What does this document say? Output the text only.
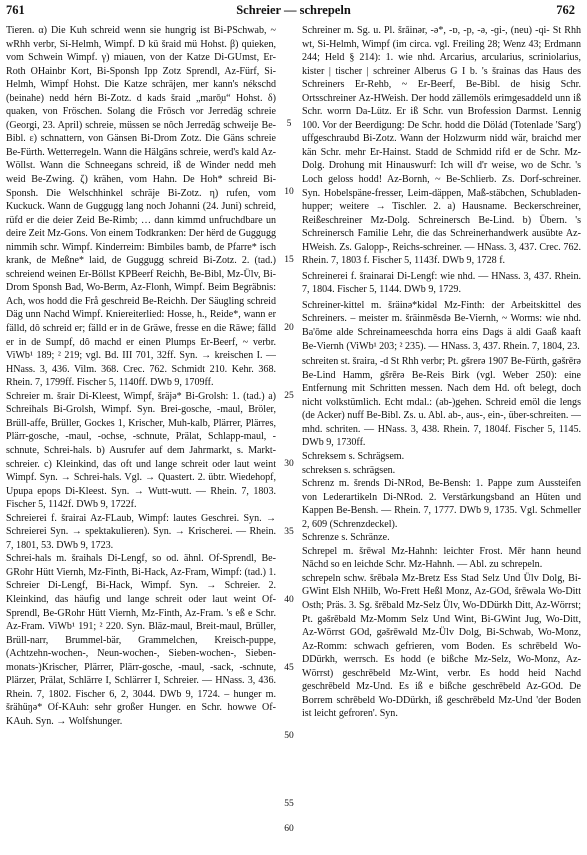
761	Schreier — schrepeln	762

Tieren. α) Die Kuh schreid wenn sie hungrig ist Bi-PSchwab, ~ wRhh verbr, Si-Helmh, Wimpf. D kü šraid mü Hohst. β) quieken, vom Schwein Wimpf. γ) miauen, von der Katze Di-GUmst, Er-Roth OHainbr Kort, Bi-Sponsh Ipp Zotz Sprendl, Az-Fürf, Si-Helmh, Wimpf Hohst. Die Katze schräjen, mer kann's nékschd (beinahe) nedd hérn Bi-Zotz. d kads šraid „marō̦u“ Hohst. δ) quaken, von Fröschen. Solang die Frösch vor Jerredäg schreie (Georgi, 23. April) schreie, müssen se nôch Jerredäg schweije Be-Bibl. ε) schnattern, von Gänsen Bi-Drom Zotz. Die Gäns schreie Be-Fürth. Wetterregeln. Wann die Hälgäns schreie, werd's kald Az-Wöllst. Wann die Schneegans schreid, iß de Winder nedd meh weid Be-Zwing. ζ) krähen, vom Hahn. De Hoh* schreid Bi-Sponsh. Die Welschhinkel schräje Bi-Zotz. η) rufen, vom Kuckuck. Wann de Guggugg lang noch Johanni (24. Juni) schreid, rüfd er die deier Zeid Be-Rimb; … dann kimmd unfruchdbare un deire Zeit Mz-Gons. Von einem Todkranken: Der hërd de Guggugg nimmih schr. Wimpf. Kinderreim: Bimbiles bamb, de Pfarre* isch krank, de Meßne* laid, de Guggugg schreid Bi-Zotz. 2. (tad.) schreiend weinen Er-Böllst KPBeerf Reichh, Be-Bibl, Mz-Ülv, Bi-Drom Sponsh Bad, Wo-Berm, Az-Flonh, Wimpf. Beim Begräbnis: Ach, wos hodd die Frå geschreid Be-Reichh. Der Säugling schreid Däg unn Nachd Wimpf. Kniereiterlied: Hosse, h., Reide*, wann er fälld, dô schreid er; fälld er in de Gräwe, fresse en die Räwe; fälld er in de Sumpf, dô machd er einen Plumps Er-Beerf, ~ verbr. ViWb¹ 189; ² 219; vgl. Bd. III 701, 32ff. Syn. → kreischen I. — HNass. 3, 436. Vilm. 368. Crec. 762. Schmidt 210. Kehr. 368. Rhein. 7, 1799ff. Fischer 5, 1140ff. DWb 9, 1709ff.

Schreier m. šrair Di-Kleest, Wimpf, šräjə* Bi-Grolsh: 1. (tad.) a) Schreihals Bi-Grolsh, Wimpf. Syn. Brei-gosche, -maul, Bröler, Brüll-affe, Brüller, Gockes 1, Krischer, Muh-kalb, Plärrer, Plärres, Plärr-gosche, -maul, -ochse, -schnute, Prälat, Schlapp-maul, -schnute, Schrei-hals. b) Ausrufer auf dem Jahrmarkt, s. Markt-schreier. c) Kleinkind, das oft und lange schreit oder laut weint Wimpf. Syn. → Schrei-hals. Vgl. → Quastert. 2. übtr. Wiedehopf, Upupa epops Di-Kleest. Syn. → Wutt-wutt. — Rhein. 7, 1803. Fischer 5, 1142f. DWb 9, 1722f.

Schreierei f. šrairai Az-FLaub, Wimpf: lautes Geschrei. Syn. → Schreierei Syn. → spektakulieren). Syn. → Krischerei. — Rhein. 7, 1801, 53. DWb 9, 1723.

Schrei-hals m. šraihals Di-Lengf, so od. ähnl. Of-Sprendl, Be-GRohr Hütt Viernh, Mz-Finth, Bi-Hack, Az-Fram, Wimpf: (tad.) 1. Schreier Di-Lengf, Bi-Hack, Wimpf. Syn. → Schreier. 2. Kleinkind, das häufig und lange schreit oder laut weint Of-Sprendl, Be-GRohr Hütt Viernh, Mz-Finth, Az-Fram. 's eß e Schr. Az-Fram. ViWb¹ 191; ² 220. Syn. Bläz-maul, Breit-maul, Brüller, Brüll-narr, Brummel-bär, Grammelchen, Kreisch-puppe, (Achtzehn-wochen-, Neun-wochen-, Sieben-wochen-, Sieben-monats-)Krischer, Plärrer, Plärr-gosche, -maul, -sack, -schnute, Plärzer, Prälat, Schlärre I, Schlärrer I, Schreier. — HNass. 3, 436. Rhein. 7, 1802. Fischer 6, 2, 3044. DWb 9, 1724. – hunger m. šrähüŋə* Of-KAuh: sehr großer Hunger. en Schr. howwe Of-KAuh. Syn. → Wolfshunger.

5
10
15
20
25
30
35
40
45
50
55
60

Schreiner m. Sg. u. Pl. šrāinər, -ə*, -ɒ, -p, -ə, -ɡi-, (neu) -qi- St Rhh wt, Si-Helmh, Wimpf (im circa. vgl. Freiling 28; Wenz 43; Erdmann 244; Held § 214): 1. wie nhd. Arcarius, arcularius, scriniolarius, kister | tischer | schreiner Alberus G I b. 's šrainas das Haus des Schreiners Er-Rehb, ~ Er-Beerf, Be-Bibl. de hisig Schr. Ortsschreiner Az-HWeish. Der hodd zällemöls erimgesaddeld unn iß Schr. worrn Da-Lütz. Er iß Schr. vun Brofession Darmst. Lennig 100. Vor der Beerdigung: De Schr. hodd die Dölád (Totenlade 'Sarg') uffgeschraubd Bi-Zotz. Wann der Holzwurm nidd wär, braichd mer kän Schr. mehr Er-Hainst. Stadd de Schmidd rifd er de Schr. Mz-Dolg. Drohung mit Hinauswurf: Ich will d'r weise, wo de Schr. 's Loch geloss hodd! Az-Bornh, ~ Be-Schlierb. Zs. Dorf-schreiner. Syn. Hobelspäne-fresser, Leim-däppen, Maß-stäbchen, Schubladen-hupper; weitere → Tischler. 2. a) Hausname. Beckerschreiner, Reißeschreiner Mz-Dolg. Schreinersch Be-Lind. b) Übern. 's Schreinersch Familie Lehr, die das Schreinerhandwerk ausübte Az-HWeish. Zs. Galopp-, Reichs-schreiner. — HNass. 3, 437. Crec. 762. Rhein. 7, 1803 f. Fischer 5, 1143f. DWb 9, 1728 f.

Schreinerei f. šrainarai Di-Lengf: wie nhd. — HNass. 3, 437. Rhein. 7, 1804. Fischer 5, 1144. DWb 9, 1729.

Schreiner-kittel m. šräinə*kidəl Mz-Finth: der Arbeitskittel des Schreiners. – meister m. šräinmēsdə Be-Viernh, ~ Worms: wie nhd. Ba'ōme alde Schreinameeschda horra eins Dags ä aldi Gaaß kaaft Be-Viernh (ViWb¹ 203; ² 235). — HNass. 3, 437. Rhein. 7, 1804, 23.

schreiten st. šraira, -d St Rhh verbr; Pt. gšrerə 1907 Be-Fürth, gəšrērə Be-Lind Hamm, gšrērə Be-Reis Birk (vgl. Weber 250): eine Entfernung mit Schritten messen. Nach dem Hd. oft belegt, doch nicht volkstümlich. Echt mdal.: (ab-)gehen. Schreid emöl die lengs (de Acker) nuff Be-Bibl. Zs. u. Abl. ab-, aus-, ein-, über-schreiten. — mhd. schriten. — HNass. 3, 438. Rhein. 7, 1804f. Fischer 5, 1145. DWb 9, 1730ff.

Schreksem s. Schrägsem.

schreksen s. schrägsen.

Schrenz m. šrends Di-NRod, Be-Bensh: 1. Pappe zum Aussteifen von Lederartikeln Di-NRod. 2. Verstärkungsband an Hüten und Kappen Be-Bensh. — Rhein. 7, 1777. DWb 9, 1735. Vgl. Schmeller 2, 609 (Schrenzdeckel).

Schrenze s. Schränze.

Schrepel m. šrēwəl Mz-Hahnh: leichter Frost. Mēr hann heund Nāchd so en leichde Schr. Mz-Hahnh. — Abl. zu schrepeln.

schrepeln schw. šrēbələ Mz-Bretz Ess Stad Selz Und Ülv Dolg, Bi-GWint Elsh NHilb, Wo-Frett Heßl Monz, Az-GOd, šrēwəla Wo-Ditt Osth; Präs. 3. Sg. šrēbald Mz-Selz Ülv, Wo-DDürkh Ditt, Az-Wörrst; Pt. gəšrēbəld Mz-Momm Selz Und Wint, Bi-GWint Jug, Wo-Ditt, Az-Wörrst GOd, gəšrēwəld Mz-Ülv Dolg, Bi-Schwab, Wo-Monz, Az-Romm: schwach gefrieren, vom Boden. Es schrēbeld Wo-DDürkh, werrsch. Es hodd (e bißche Mz-Selz, Wo-Monz, Az-Wörrst) geschrēbeld Mz-Wint, verbr. Es hodd heid Nachd geschrēbeld Mz-Und. Es iß e bißche geschrēbeld Az-GOd. De Borrem schrēbeld Wo-DDürkh, iß geschrēbeld Mz-Und 'der Boden ist leicht gefroren'. Syn.
